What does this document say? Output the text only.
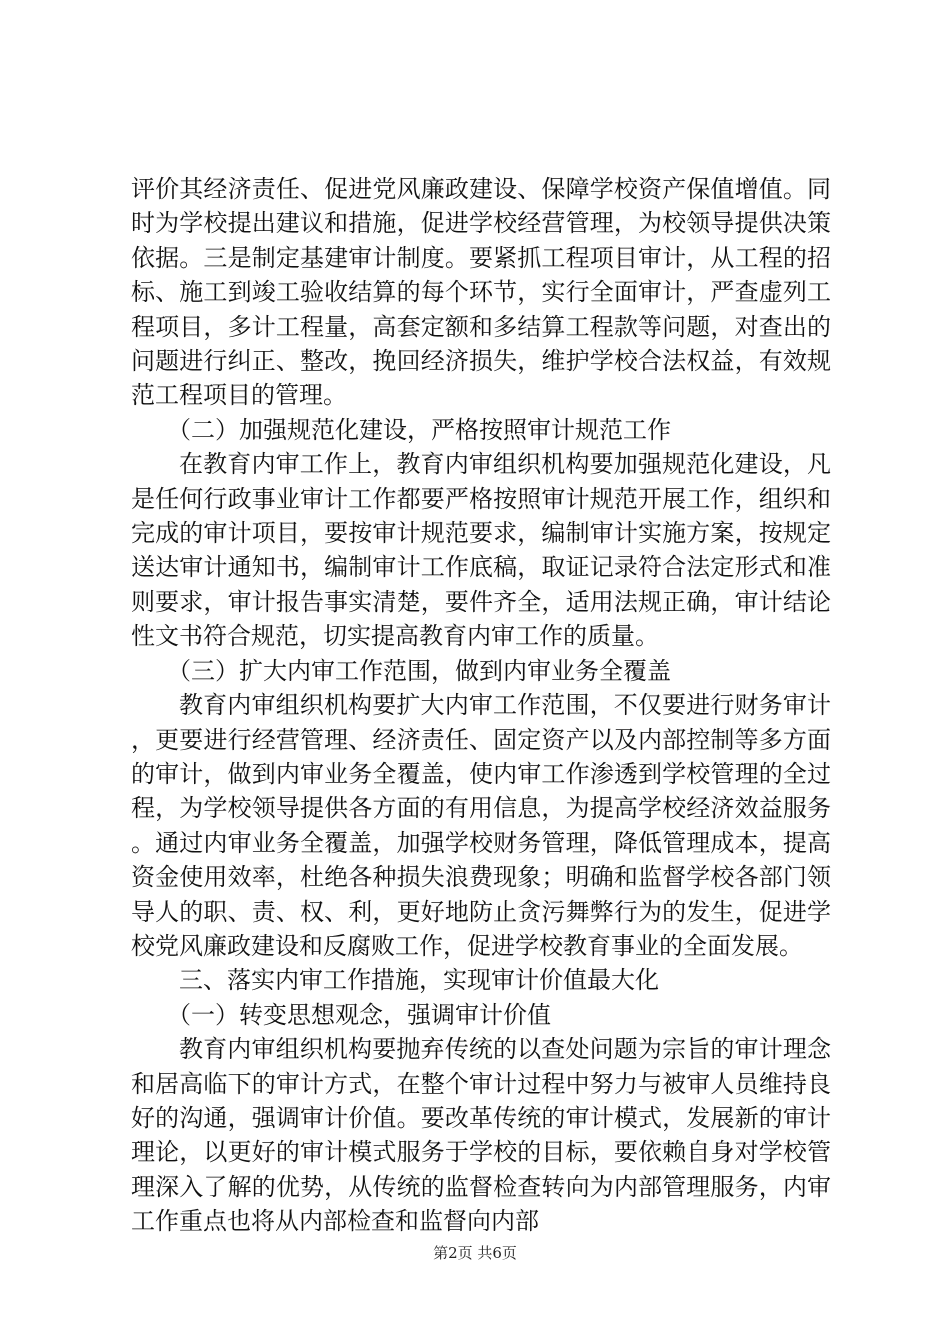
评价其经济责任、促进党风廉政建设、保障学校资产保值增值。同时为学校提出建议和措施，促进学校经营管理，为校领导提供决策依据。三是制定基建审计制度。要紧抓工程项目审计，从工程的招标、施工到竣工验收结算的每个环节，实行全面审计，严查虚列工程项目，多计工程量，高套定额和多结算工程款等问题，对查出的问题进行纠正、整改，挽回经济损失，维护学校合法权益，有效规范工程项目的管理。

（二）加强规范化建设，严格按照审计规范工作

在教育内审工作上，教育内审组织机构要加强规范化建设，凡是任何行政事业审计工作都要严格按照审计规范开展工作，组织和完成的审计项目，要按审计规范要求，编制审计实施方案，按规定送达审计通知书，编制审计工作底稿，取证记录符合法定形式和准则要求，审计报告事实清楚，要件齐全，适用法规正确，审计结论性文书符合规范，切实提高教育内审工作的质量。

（三）扩大内审工作范围，做到内审业务全覆盖

教育内审组织机构要扩大内审工作范围，不仅要进行财务审计，更要进行经营管理、经济责任、固定资产以及内部控制等多方面的审计，做到内审业务全覆盖，使内审工作渗透到学校管理的全过程，为学校领导提供各方面的有用信息，为提高学校经济效益服务。通过内审业务全覆盖，加强学校财务管理，降低管理成本，提高资金使用效率，杜绝各种损失浪费现象；明确和监督学校各部门领导人的职、责、权、利，更好地防止贪污舞弊行为的发生，促进学校党风廉政建设和反腐败工作，促进学校教育事业的全面发展。

三、落实内审工作措施，实现审计价值最大化

（一）转变思想观念，强调审计价值

教育内审组织机构要抛弃传统的以查处问题为宗旨的审计理念和居高临下的审计方式，在整个审计过程中努力与被审人员维持良好的沟通，强调审计价值。要改革传统的审计模式，发展新的审计理论，以更好的审计模式服务于学校的目标，要依赖自身对学校管理深入了解的优势，从传统的监督检查转向为内部管理服务，内审工作重点也将从内部检查和监督向内部

第2页 共6页
